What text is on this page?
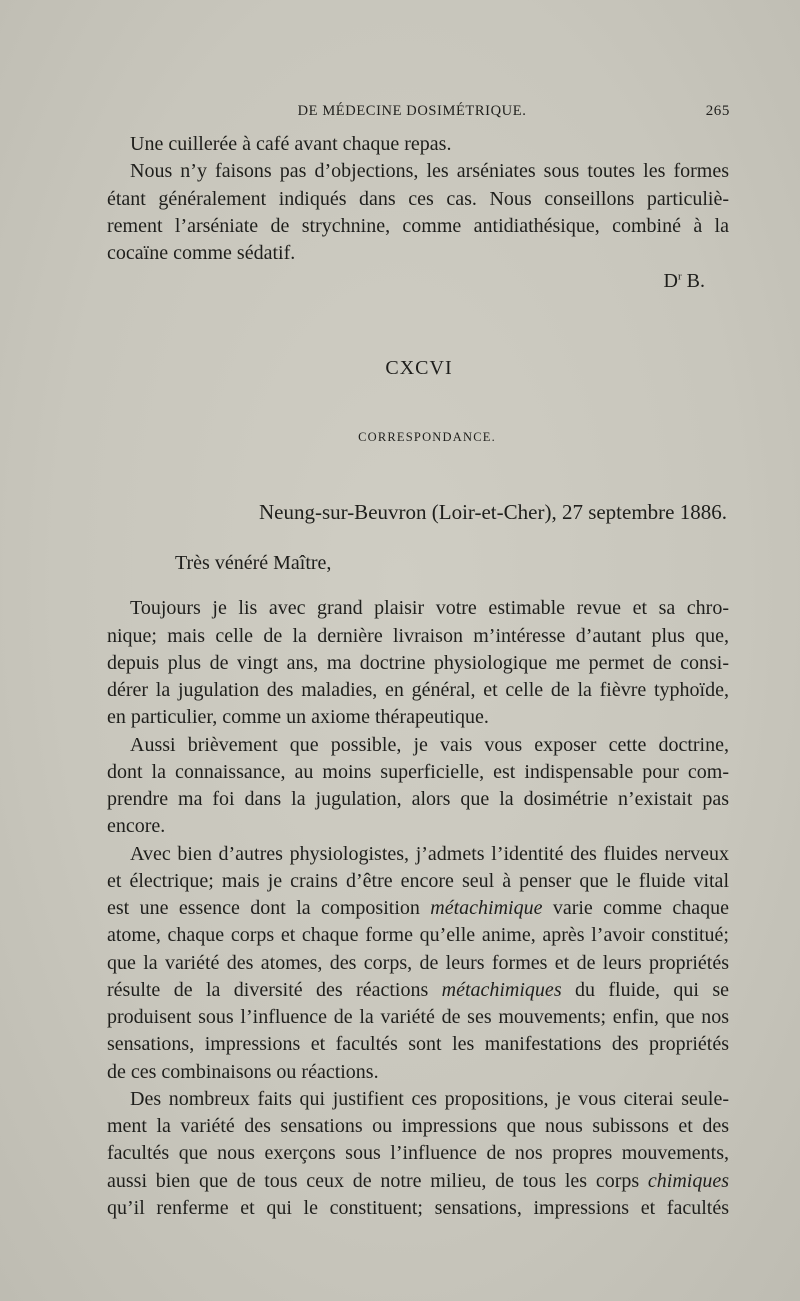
DE MÉDECINE DOSIMÉTRIQUE.	265
Une cuillerée à café avant chaque repas.
Nous n’y faisons pas d’objections, les arséniates sous toutes les formes
étant généralement indiqués dans ces cas. Nous conseillons particuliè-
rement l’arséniate de strychnine, comme antidiathésique, combiné à la
cocaïne comme sédatif.
$D^r$ B.
CXCVI
CORRESPONDANCE.
Neung-sur-Beuvron (Loir-et-Cher), 27 septembre 1886.
Très vénéré Maître,
Toujours je lis avec grand plaisir votre estimable revue et sa chro-
nique; mais celle de la dernière livraison m’intéresse d’autant plus que,
depuis plus de vingt ans, ma doctrine physiologique me permet de consi-
dérer la jugulation des maladies, en général, et celle de la fièvre typhoïde,
en particulier, comme un axiome thérapeutique.
Aussi brièvement que possible, je vais vous exposer cette doctrine,
dont la connaissance, au moins superficielle, est indispensable pour com-
prendre ma foi dans la jugulation, alors que la dosimétrie n’existait pas
encore.
Avec bien d’autres physiologistes, j’admets l’identité des fluides nerveux
et électrique; mais je crains d’être encore seul à penser que le fluide vital
est une essence dont la composition métachimique varie comme chaque
atome, chaque corps et chaque forme qu’elle anime, après l’avoir constitué;
que la variété des atomes, des corps, de leurs formes et de leurs propriétés
résulte de la diversité des réactions métachimiques du fluide, qui se
produisent sous l’influence de la variété de ses mouvements; enfin, que nos
sensations, impressions et facultés sont les manifestations des propriétés
de ces combinaisons ou réactions.
Des nombreux faits qui justifient ces propositions, je vous citerai seule-
ment la variété des sensations ou impressions que nous subissons et des
facultés que nous exerçons sous l’influence de nos propres mouvements,
aussi bien que de tous ceux de notre milieu, de tous les corps chimiques
qu’il renferme et qui le constituent; sensations, impressions et facultés
